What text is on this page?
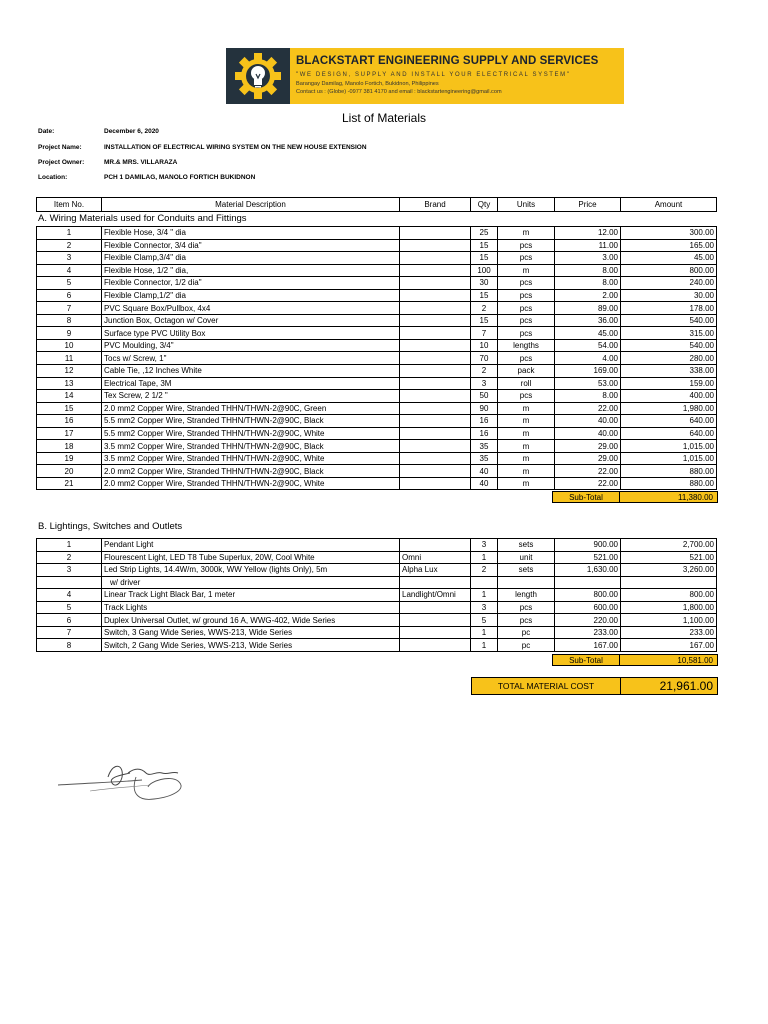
BLACKSTART ENGINEERING SUPPLY AND SERVICES
"WE DESIGN, SUPPLY AND INSTALL YOUR ELECTRICAL SYSTEM"
Barangay Damilag, Manolo Fortich, Bukidnon, Philippines
Contact us : (Globe) -0977 381 4170 and email : blackstartengineering@gmail.com
List of Materials
Date:	December 6, 2020
Project Name:	INSTALLATION OF ELECTRICAL WIRING SYSTEM ON THE NEW HOUSE EXTENSION
Project Owner:	MR.& MRS. VILLARAZA
Location:	PCH 1 DAMILAG, MANOLO FORTICH BUKIDNON
Item No.	Material Description	Brand	Qty	Units	Price	Amount
A. Wiring Materials used for Conduits and Fittings
1	Flexible Hose, 3/4 " dia		25	m	12.00	300.00
2	Flexible Connector, 3/4 dia"		15	pcs	11.00	165.00
3	Flexible Clamp,3/4" dia		15	pcs	3.00	45.00
4	Flexible Hose, 1/2 " dia,		100	m	8.00	800.00
5	Flexible Connector, 1/2 dia"		30	pcs	8.00	240.00
6	Flexible Clamp,1/2" dia		15	pcs	2.00	30.00
7	PVC Square Box/Pullbox, 4x4		2	pcs	89.00	178.00
8	Junction Box, Octagon w/ Cover		15	pcs	36.00	540.00
9	Surface type PVC Utility Box		7	pcs	45.00	315.00
10	PVC Moulding, 3/4"		10	lengths	54.00	540.00
11	Tocs w/ Screw, 1"		70	pcs	4.00	280.00
12	Cable Tie, ,12 Inches White		2	pack	169.00	338.00
13	Electrical Tape, 3M		3	roll	53.00	159.00
14	Tex Screw, 2 1/2 "		50	pcs	8.00	400.00
15	2.0 mm2 Copper Wire, Stranded THHN/THWN-2@90C, Green		90	m	22.00	1,980.00
16	5.5 mm2 Copper Wire, Stranded THHN/THWN-2@90C, Black		16	m	40.00	640.00
17	5.5 mm2 Copper Wire, Stranded THHN/THWN-2@90C, White		16	m	40.00	640.00
18	3.5 mm2 Copper Wire, Stranded THHN/THWN-2@90C, Black		35	m	29.00	1,015.00
19	3.5 mm2 Copper Wire, Stranded THHN/THWN-2@90C, White		35	m	29.00	1,015.00
20	2.0 mm2 Copper Wire, Stranded THHN/THWN-2@90C, Black		40	m	22.00	880.00
21	2.0 mm2 Copper Wire, Stranded THHN/THWN-2@90C, White		40	m	22.00	880.00
Sub-Total	11,380.00
B. Lightings, Switches and Outlets
1	Pendant Light		3	sets	900.00	2,700.00
2	Flourescent Light, LED T8 Tube Superlux, 20W, Cool White	Omni	1	unit	521.00	521.00
3	Led Strip Lights, 14.4W/m, 3000k, WW Yellow (lights Only), 5m	Alpha Lux	2	sets	1,630.00	3,260.00
	w/ driver					
4	Linear Track Light Black Bar, 1 meter	Landlight/Omni	1	length	800.00	800.00
5	Track Lights		3	pcs	600.00	1,800.00
6	Duplex Universal Outlet, w/ ground 16 A, WWG-402, Wide Series		5	pcs	220.00	1,100.00
7	Switch, 3 Gang Wide Series, WWS-213, Wide Series		1	pc	233.00	233.00
8	Switch, 2 Gang Wide Series, WWS-213, Wide Series		1	pc	167.00	167.00
Sub-Total	10,581.00
TOTAL MATERIAL COST	21,961.00
